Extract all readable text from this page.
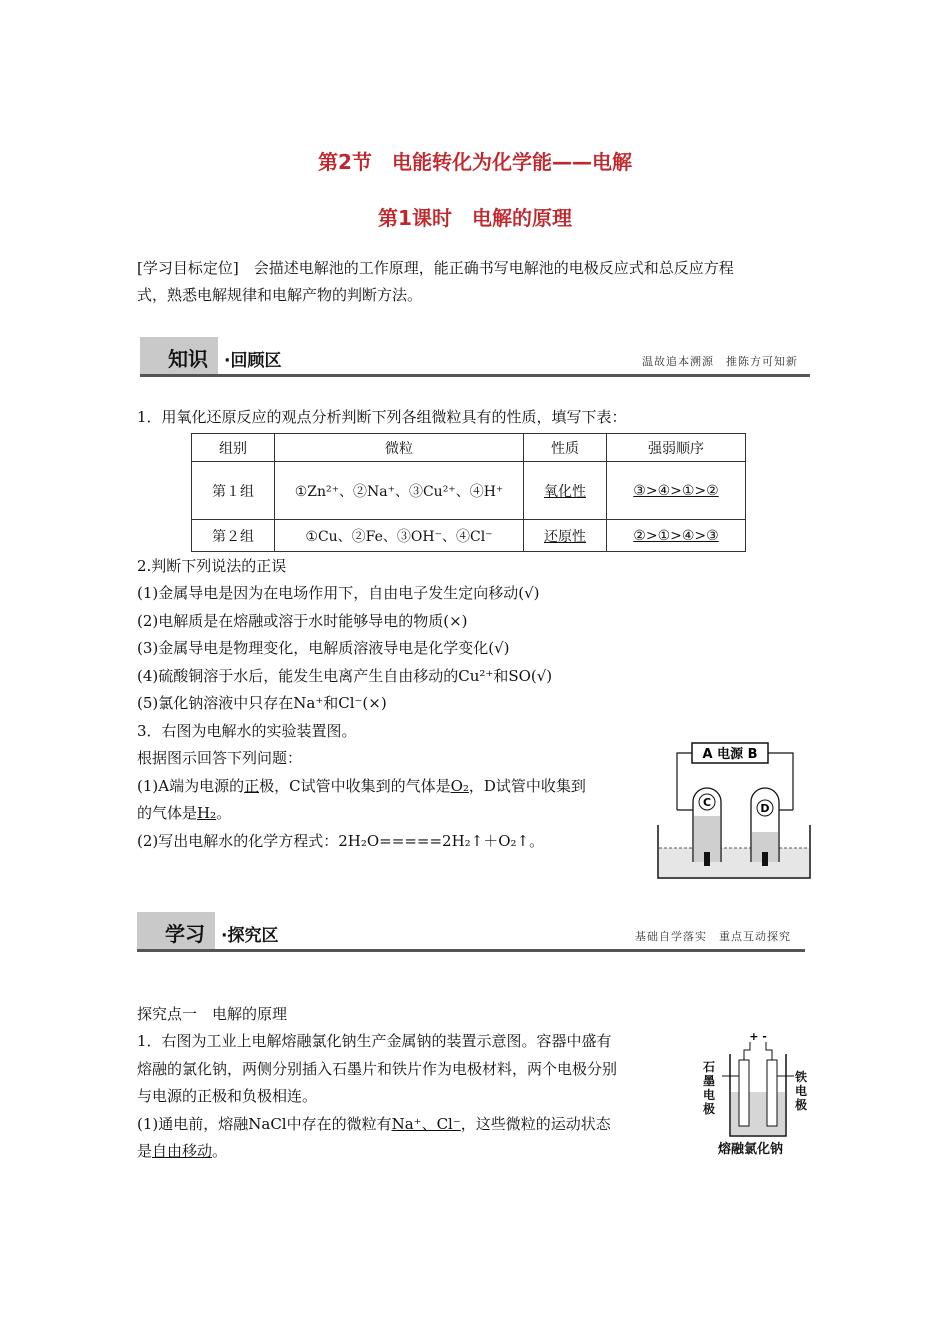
第2节　电能转化为化学能——电解
第1课时　电解的原理
[学习目标定位]　会描述电解池的工作原理，能正确书写电解池的电极反应式和总反应方程
式，熟悉电解规律和电解产物的判断方法。
知识 ·回顾区	温故追本溯源　推陈方可知新
1．用氧化还原反应的观点分析判断下列各组微粒具有的性质，填写下表：
组别	微粒	性质	强弱顺序
第１组	①Zn²⁺、②Na⁺、③Cu²⁺、④H⁺	氧化性	③>④>①>②
第２组	①Cu、②Fe、③OH⁻、④Cl⁻	还原性	②>①>④>③
2.判断下列说法的正误
(1)金属导电是因为在电场作用下，自由电子发生定向移动(√)
(2)电解质是在熔融或溶于水时能够导电的物质(×)
(3)金属导电是物理变化，电解质溶液导电是化学变化(√)
(4)硫酸铜溶于水后，能发生电离产生自由移动的Cu²⁺和SO(√)
(5)氯化钠溶液中只存在Na⁺和Cl⁻(×)
3．右图为电解水的实验装置图。
根据图示回答下列问题：
(1)A端为电源的正极，C试管中收集到的气体是O₂，D试管中收集到
的气体是H₂。
(2)写出电解水的化学方程式：2H₂O=====2H₂↑＋O₂↑。
A 电源 B
C	D
学习 ·探究区	基础自学落实　重点互动探究
探究点一　电解的原理
1．右图为工业上电解熔融氯化钠生产金属钠的装置示意图。容器中盛有
熔融的氯化钠，两侧分别插入石墨片和铁片作为电极材料，两个电极分别
与电源的正极和负极相连。
(1)通电前，熔融NaCl中存在的微粒有Na⁺、Cl⁻，这些微粒的运动状态
是自由移动。
+ -
石墨电极
铁电极
熔融氯化钠
